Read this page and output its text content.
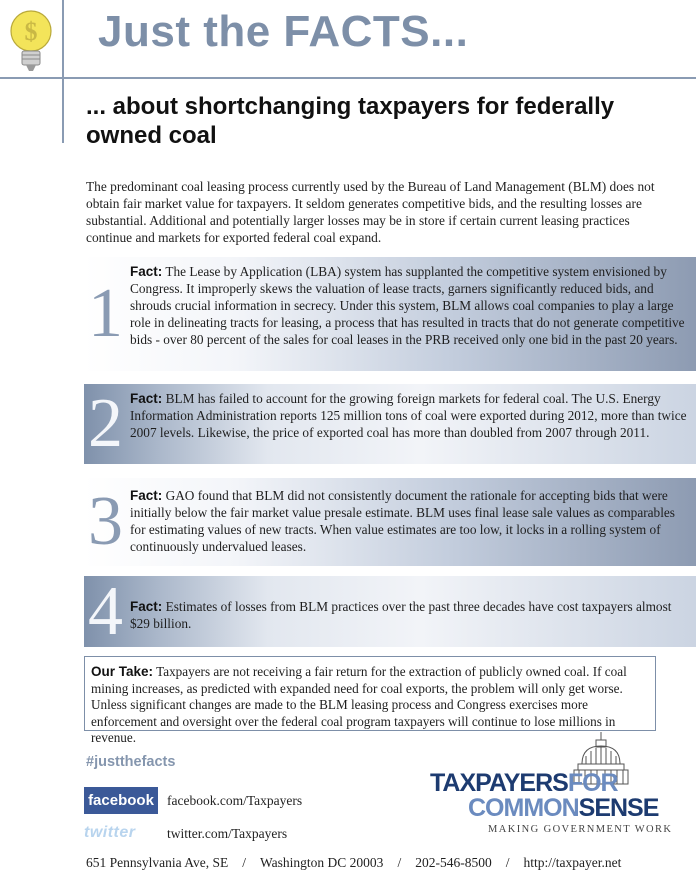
$ Just the FACTS...
... about shortchanging taxpayers for federally owned coal

The predominant coal leasing process currently used by the Bureau of Land Management (BLM) does not obtain fair market value for taxpayers. It seldom generates competitive bids, and the resulting losses are substantial. Additional and potentially larger losses may be in store if certain current leasing practices continue and markets for exported federal coal expand.

1

Fact: The Lease by Application (LBA) system has supplanted the competitive system envisioned by Congress. It improperly skews the valuation of lease tracts, garners significantly reduced bids, and shrouds crucial information in secrecy. Under this system, BLM allows coal companies to play a large role in delineating tracts for leasing, a process that has resulted in tracts that do not generate competitive bids - over 80 percent of the sales for coal leases in the PRB received only one bid in the past 20 years.

2 Fact: BLM has failed to account for the growing foreign markets for federal coal. The U.S. Energy Information Administration reports 125 million tons of coal were exported during 2012, more than twice 2007 levels. Likewise, the price of exported coal has more than doubled from 2007 through 2011.

3 Fact: GAO found that BLM did not consistently document the rationale for accepting bids that were initially below the fair market value presale estimate. BLM uses final lease sale values as comparables for estimating values of new tracts. When value estimates are too low, it locks in a rolling system of continuously undervalued leases.

4 Fact: Estimates of losses from BLM practices over the past three decades have cost taxpayers almost $29 billion.

Our Take: Taxpayers are not receiving a fair return for the extraction of publicly owned coal. If coal mining increases, as predicted with expanded need for coal exports, the problem will only get worse. Unless significant changes are made to the BLM leasing process and Congress exercises more enforcement and oversight over the federal coal program taxpayers will continue to lose millions in revenue.

#justthefacts

facebook facebook.com/Taxpayers
twitter	twitter.com/Taxpayers
TAXPAYERSFOR
COMMONSENSE
MAKING GOVERNMENT WORK

651 Pennsylvania Ave, SE / Washington DC 20003 / 202-546-8500 / http://taxpayer.net
